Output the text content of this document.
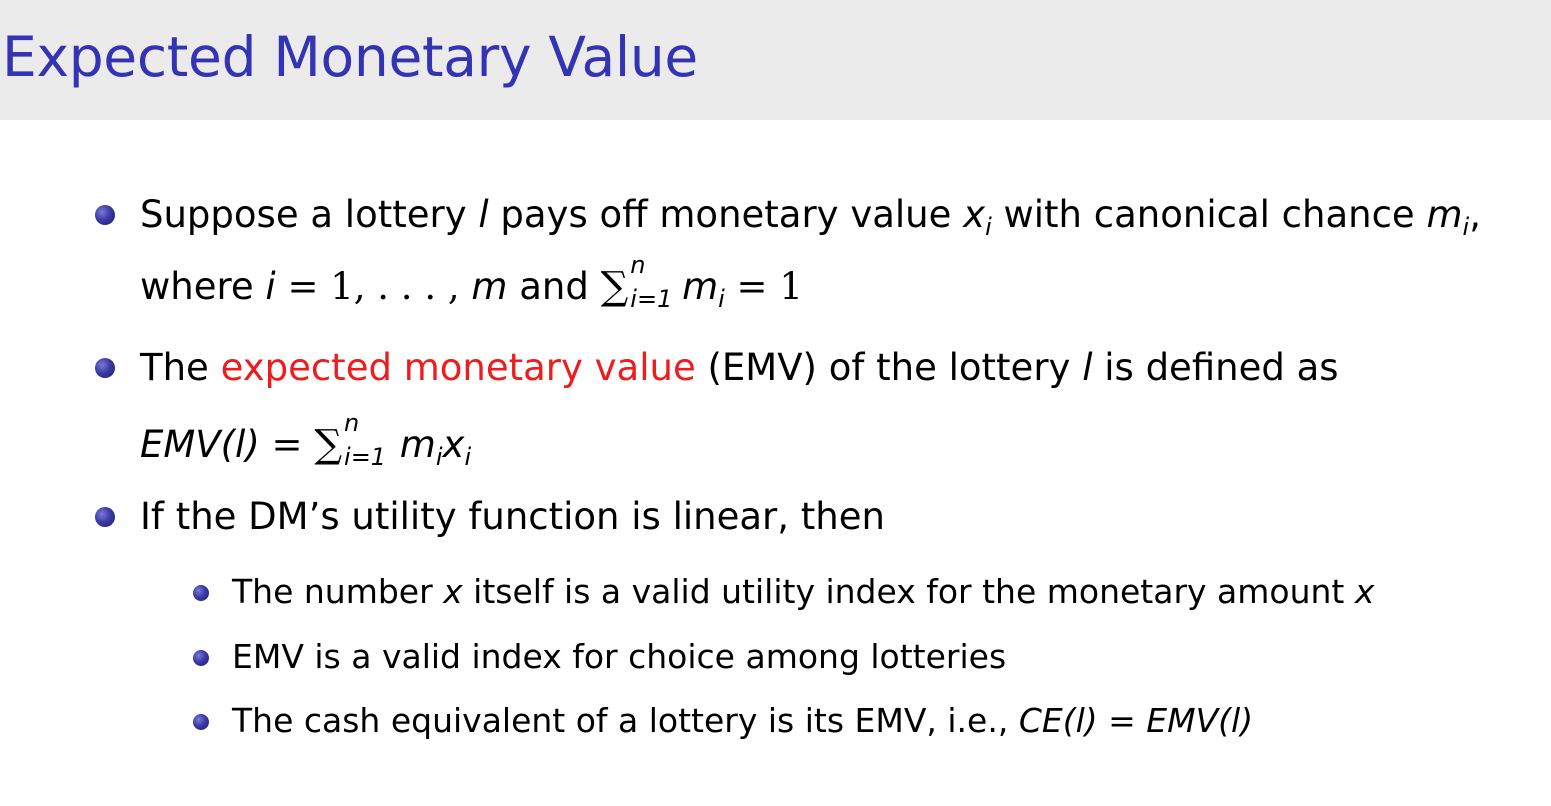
Expected Monetary Value
Suppose a lottery l pays off monetary value $x_i$ with canonical chance $m_i$,
where i = 1, . . . , m and ∑ n
i=1 $m_i = 1$
The expected monetary value (EMV) of the lottery l is defined as
EMV(l) = ∑ n
i=1 $m_ix_i$
If the DM’s utility function is linear, then
The number x itself is a valid utility index for the monetary amount x
EMV is a valid index for choice among lotteries
The cash equivalent of a lottery is its EMV, i.e., CE(l) = EMV(l)
